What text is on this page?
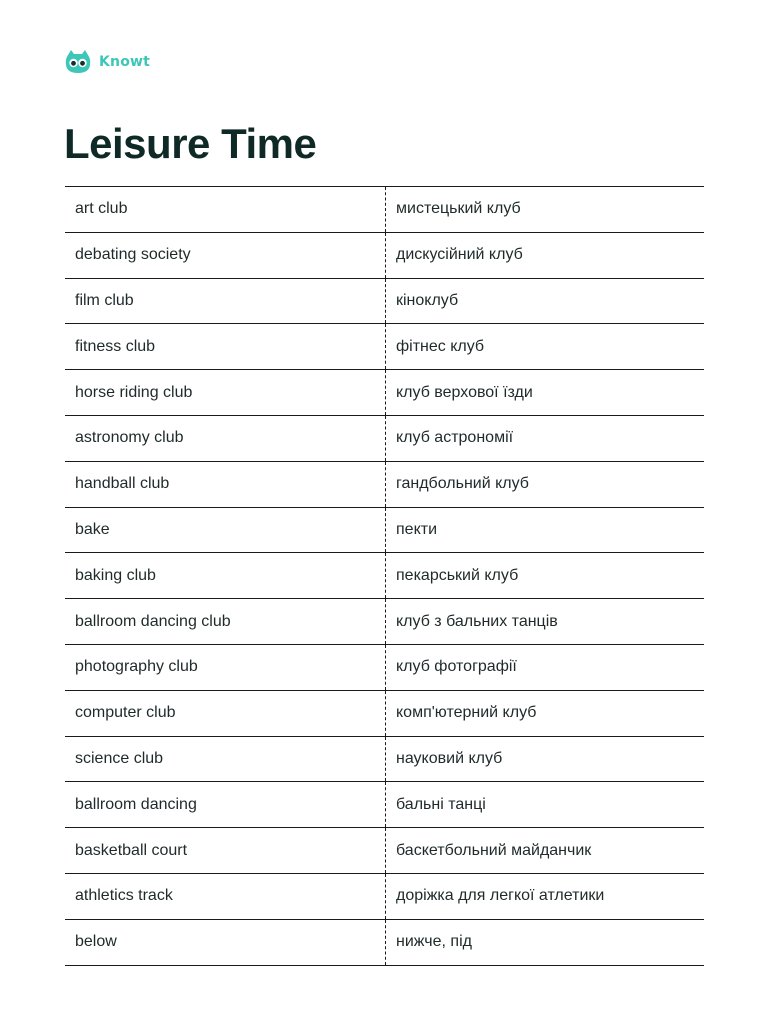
Knowt
Leisure Time
art club	мистецький клуб
debating society	дискусійний клуб
film club	кіноклуб
fitness club	фітнес клуб
horse riding club	клуб верхової їзди
astronomy club	клуб астрономії
handball club	гандбольний клуб
bake	пекти
baking club	пекарський клуб
ballroom dancing club	клуб з бальних танців
photography club	клуб фотографії
computer club	комп'ютерний клуб
science club	науковий клуб
ballroom dancing	бальні танці
basketball court	баскетбольний майданчик
athletics track	доріжка для легкої атлетики
below	нижче, під
